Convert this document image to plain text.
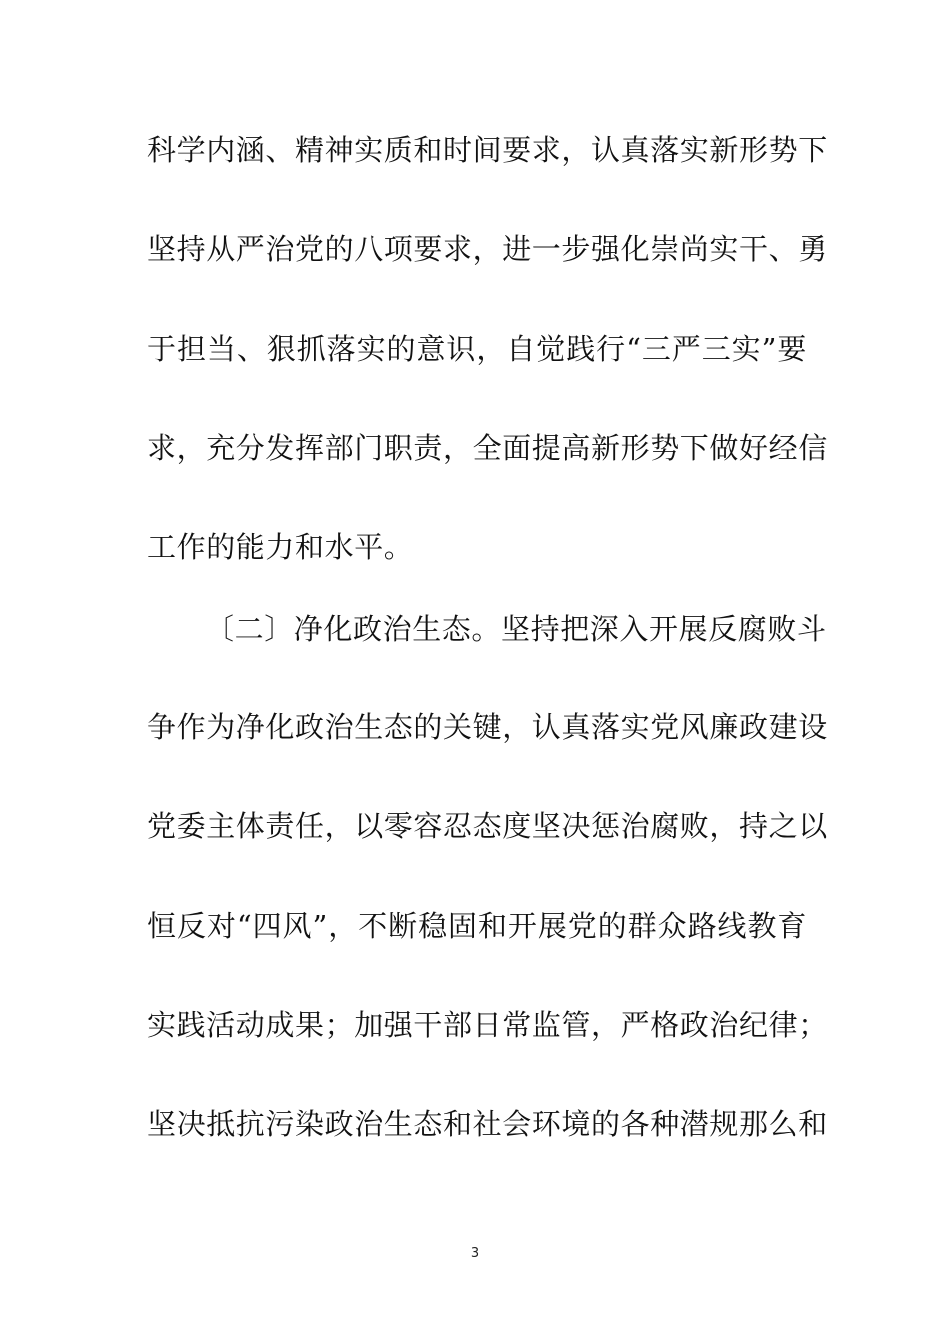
科学内涵、精神实质和时间要求，认真落实新形势下
坚持从严治党的八项要求，进一步强化崇尚实干、勇
于担当、狠抓落实的意识，自觉践行“三严三实”要
求，充分发挥部门职责，全面提高新形势下做好经信
工作的能力和水平。
〔二〕净化政治生态。坚持把深入开展反腐败斗
争作为净化政治生态的关键，认真落实党风廉政建设
党委主体责任，以零容忍态度坚决惩治腐败，持之以
恒反对“四风”，不断稳固和开展党的群众路线教育
实践活动成果；加强干部日常监管，严格政治纪律；
坚决抵抗污染政治生态和社会环境的各种潜规那么和
3
